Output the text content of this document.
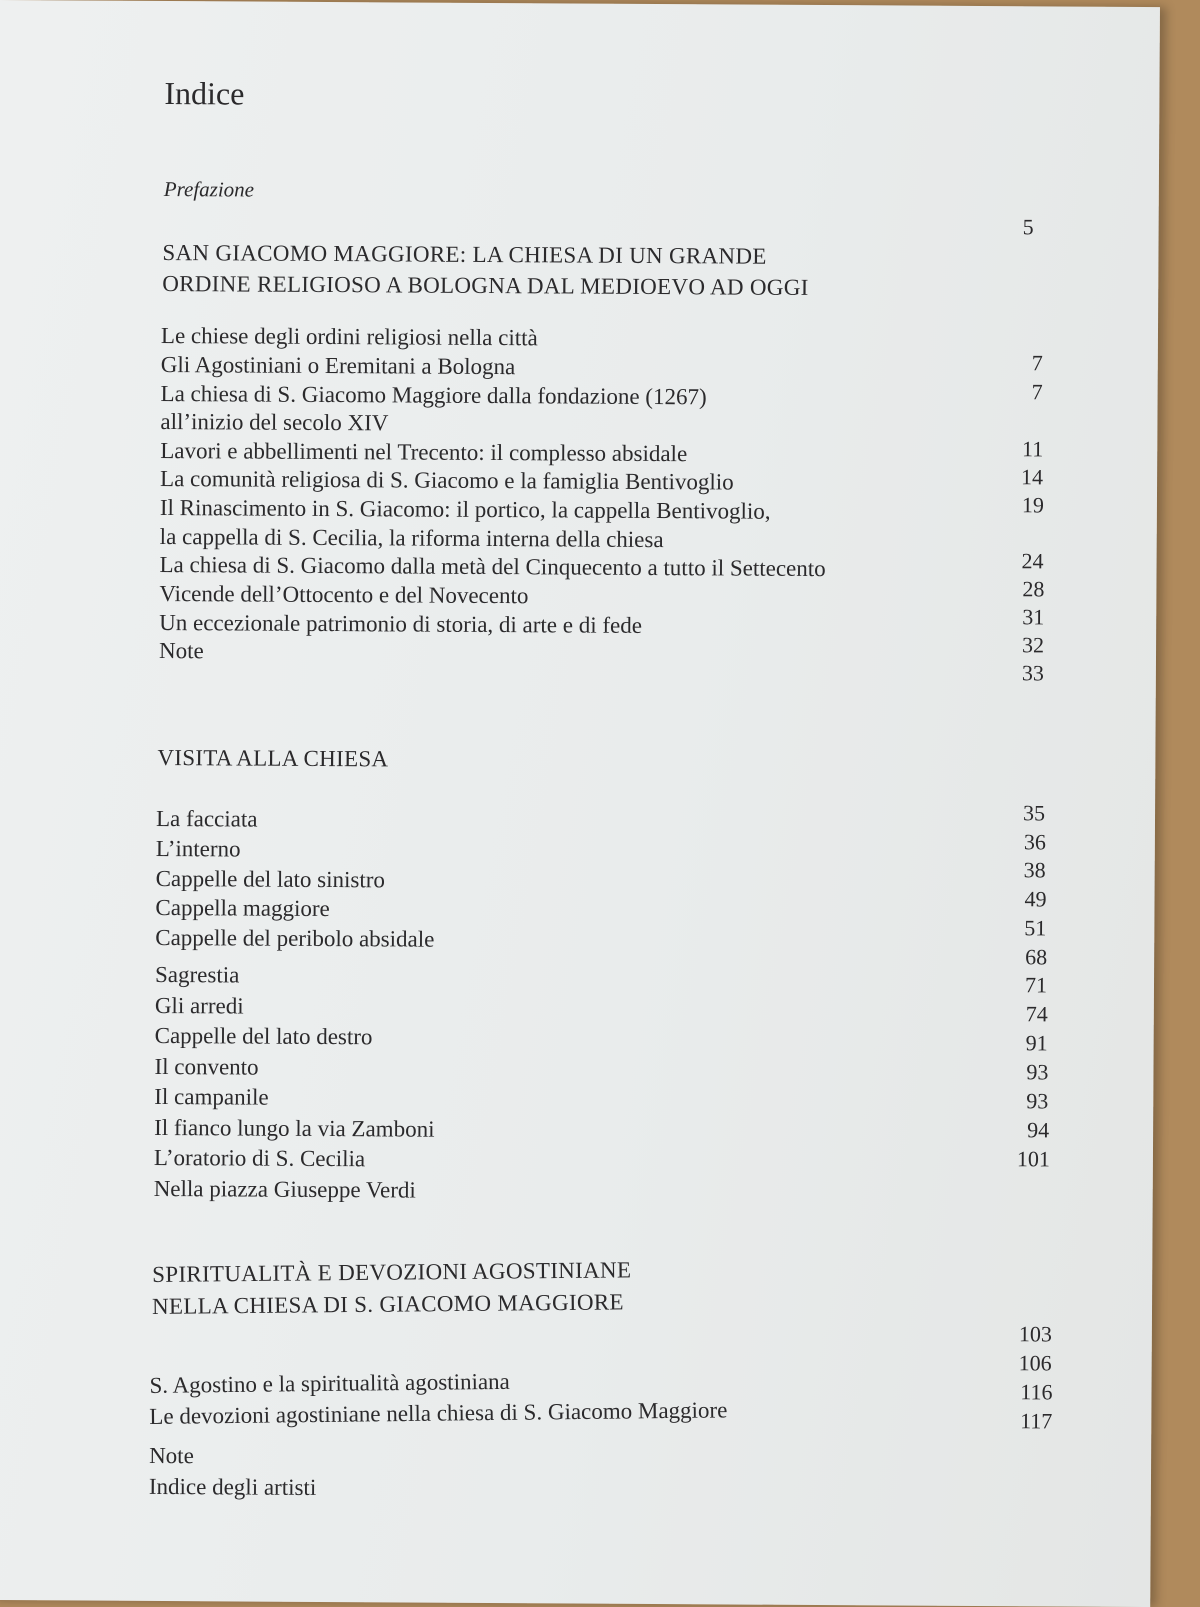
Indice
Prefazione
5
SAN GIACOMO MAGGIORE: LA CHIESA DI UN GRANDE
ORDINE RELIGIOSO A BOLOGNA DAL MEDIOEVO AD OGGI
Le chiese degli ordini religiosi nella città
Gli Agostiniani o Eremitani a Bologna
La chiesa di S. Giacomo Maggiore dalla fondazione (1267)
all’inizio del secolo XIV
Lavori e abbellimenti nel Trecento: il complesso absidale
La comunità religiosa di S. Giacomo e la famiglia Bentivoglio
Il Rinascimento in S. Giacomo: il portico, la cappella Bentivoglio,
la cappella di S. Cecilia, la riforma interna della chiesa
La chiesa di S. Giacomo dalla metà del Cinquecento a tutto il Settecento
Vicende dell’Ottocento e del Novecento
Un eccezionale patrimonio di storia, di arte e di fede
Note
7
7
11
14
19
24
28
31
32
33
VISITA ALLA CHIESA
La facciata
L’interno
Cappelle del lato sinistro
Cappella maggiore
Cappelle del peribolo absidale
Sagrestia
Gli arredi
Cappelle del lato destro
Il convento
Il campanile
Il fianco lungo la via Zamboni
L’oratorio di S. Cecilia
Nella piazza Giuseppe Verdi
35
36
38
49
51
68
71
74
91
93
93
94
101
SPIRITUALITÀ E DEVOZIONI AGOSTINIANE
NELLA CHIESA DI S. GIACOMO MAGGIORE
S. Agostino e la spiritualità agostiniana
Le devozioni agostiniane nella chiesa di S. Giacomo Maggiore
Note
Indice degli artisti
103
106
116
117
